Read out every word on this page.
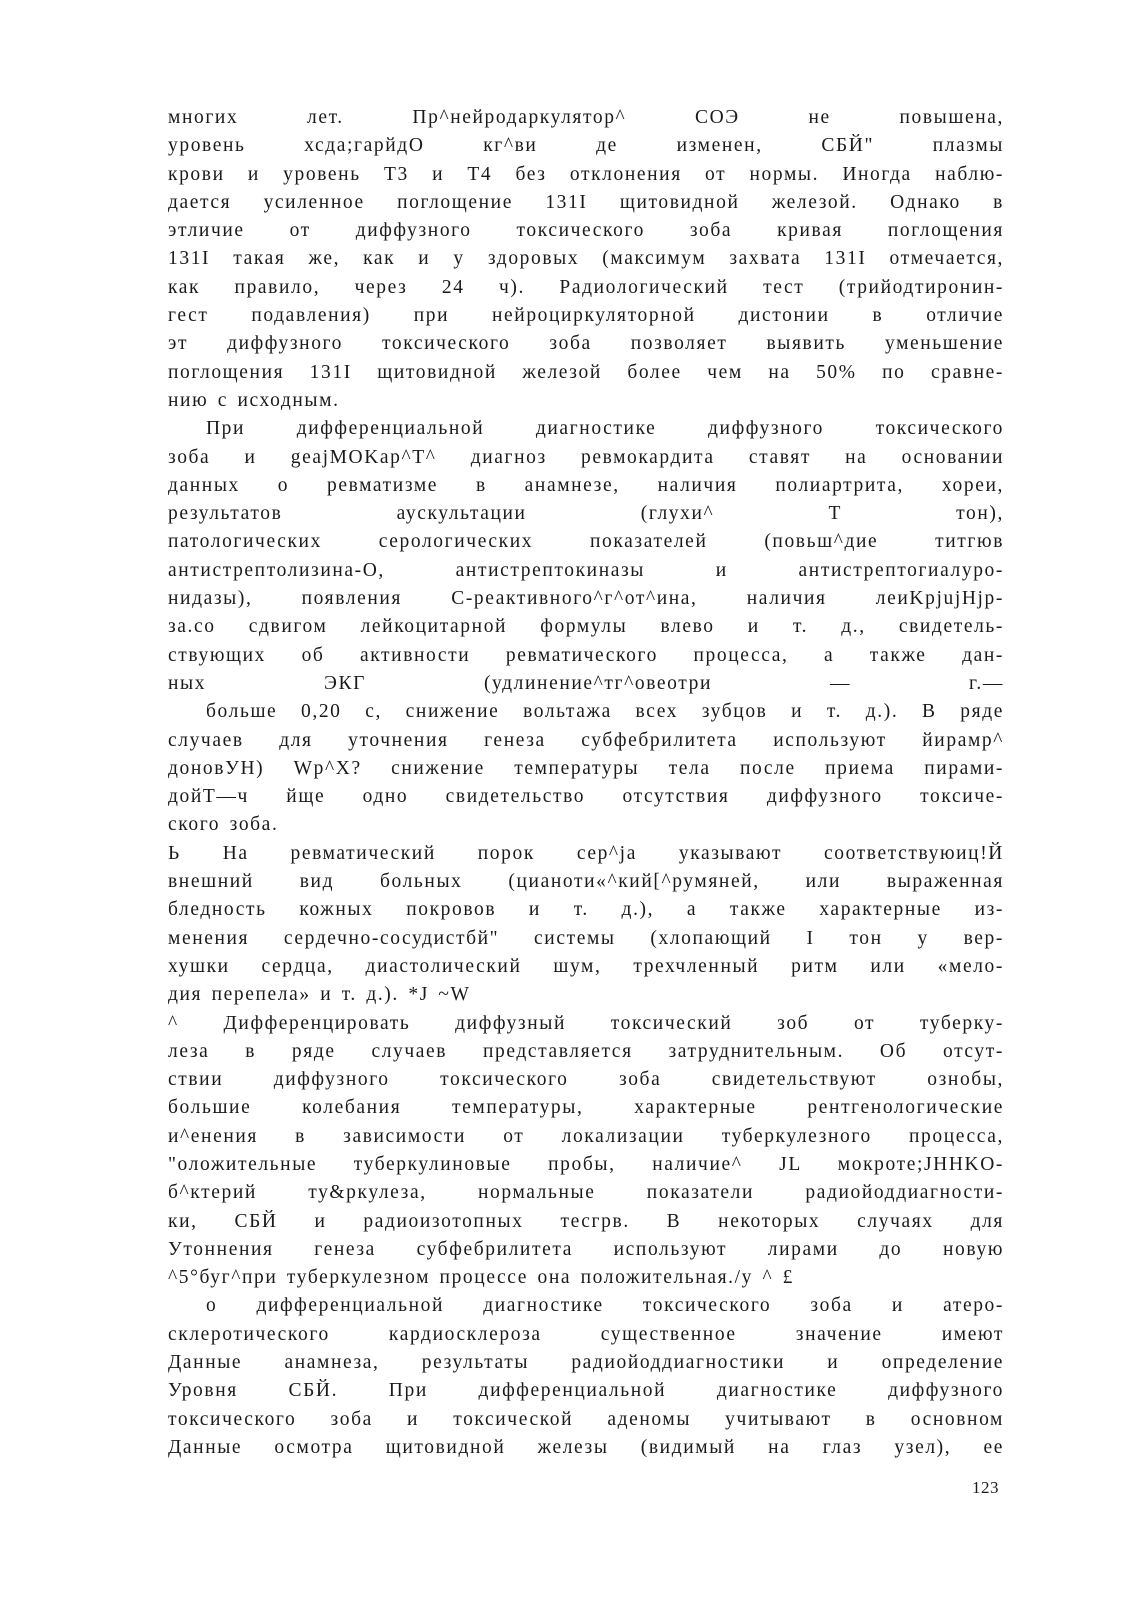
многих лет. Пр^нейродаркулятор^ СОЭ не повышена,
уровень хсда;гарйдО кг^ви де изменен, СБЙ" плазмы
крови и уровень Т3 и Т4 без отклонения от нормы. Иногда наблю-
дается усиленное поглощение 131I щитовидной железой. Однако в
этличие от диффузного токсического зоба кривая поглощения
131I такая же, как и у здоровых (максимум захвата 131I отмечается,
как правило, через 24 ч). Радиологический тест (трийодтиронин-
гест подавления) при нейроциркуляторной дистонии в отличие
эт диффузного токсического зоба позволяет выявить уменьшение
поглощения 131I щитовидной железой более чем на 50% по сравне-
нию с исходным.
При дифференциальной диагностике диффузного токсического
зоба и geajMOKap^T^ диагноз ревмокардита ставят на основании
данных о ревматизме в анамнезе, наличия полиартрита, хореи,
результатов аускультации (глухи^ Т тон),
патологических серологических показателей (повьш^дие титгюв
антистрептолизина-О, антистрептокиназы и антистрептогиалуро-
нидазы), появления С-реактивного^г^от^ина, наличия леиKpjujHjp-
за.со сдвигом лейкоцитарной формулы влево и т. д., свидетель-
ствующих об активности ревматического процесса, а также дан-
ных ЭКГ (удлинение^тг^овеотри — г.—
больше 0,20 с, снижение вольтажа всех зубцов и т. д.). В ряде
случаев для уточнения генеза субфебрилитета используют йирамр^
доновУН) Wp^X? снижение температуры тела после приема пирами-
дойТ—ч йще одно свидетельство отсутствия диффузного токсиче-
ского зоба.
Ь На ревматический порок сер^ja указывают соответствуюиц!Й
внешний вид больных (цианоти«^кий[^румяней, или выраженная
бледность кожных покровов и т. д.), а также характерные из-
менения сердечно-сосудистбй" системы (хлопающий I тон у вер-
хушки сердца, диастолический шум, трехчленный ритм или «мело-
дия перепела» и т. д.). *J ~W
^ Дифференцировать диффузный токсический зоб от туберку-
леза в ряде случаев представляется затруднительным. Об отсут-
ствии диффузного токсического зоба свидетельствуют ознобы,
большие колебания температуры, характерные рентгенологические
и^енения в зависимости от локализации туберкулезного процесса,
"оложительные туберкулиновые пробы, наличие^ JL мокроте;JHHKO-
б^ктерий ту&ркулеза, нормальные показатели радиойоддиагности-
ки, СБЙ и радиоизотопных тесгрв. В некоторых случаях для
Утоннения генеза субфебрилитета используют лирами до новую
^5°буг^при туберкулезном процессе она положительная./у ^ £
о дифференциальной диагностике токсического зоба и атеро-
склеротического кардиосклероза существенное значение имеют
Данные анамнеза, результаты радиойоддиагностики и определение
Уровня СБЙ. При дифференциальной диагностике диффузного
токсического зоба и токсической аденомы учитывают в основном
Данные осмотра щитовидной железы (видимый на глаз узел), ее
123
